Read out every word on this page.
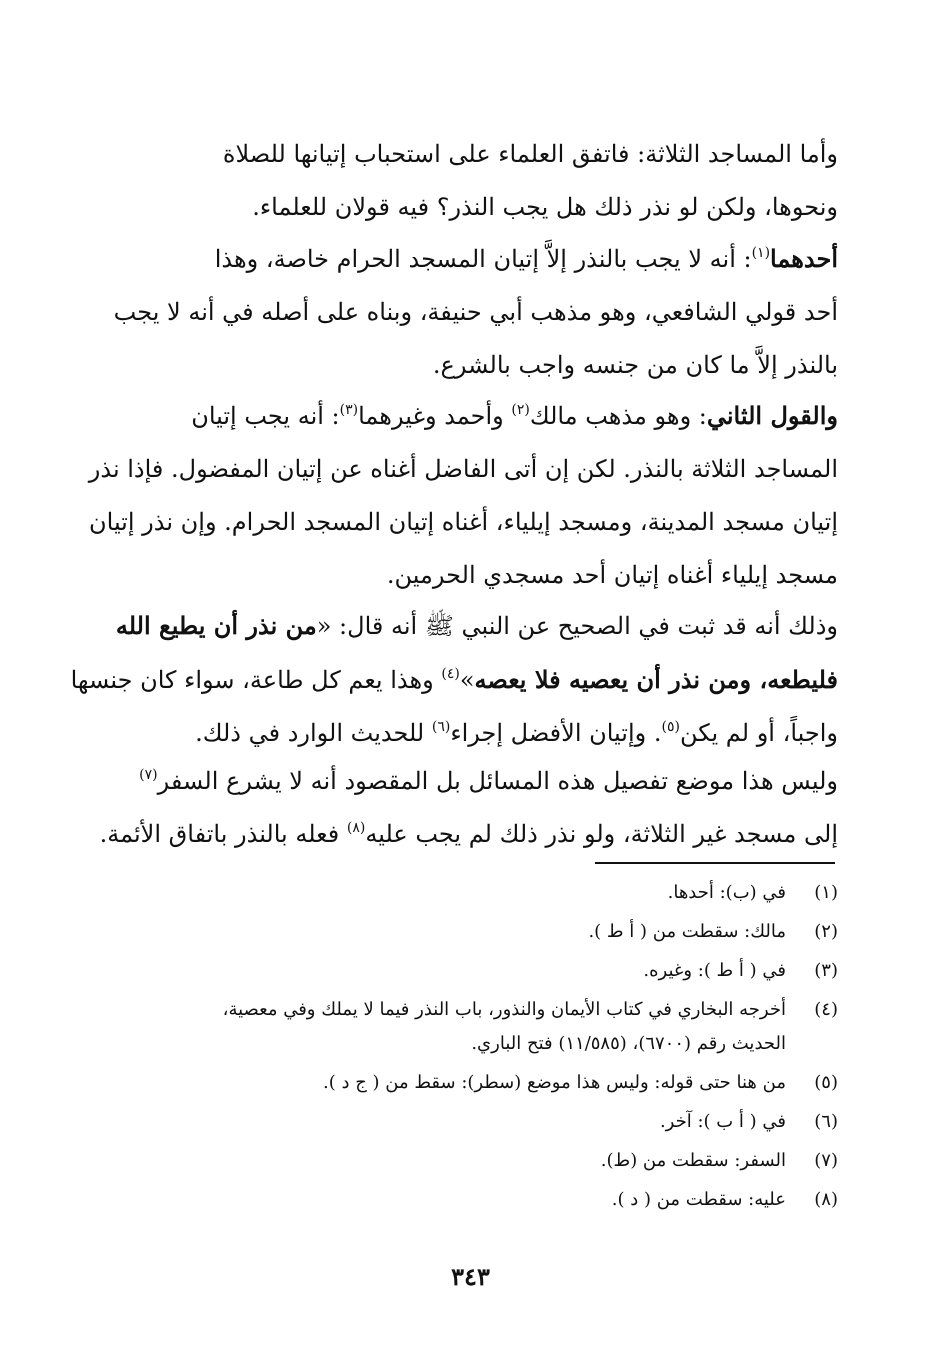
وأما المساجد الثلاثة: فاتفق العلماء على استحباب إتيانها للصلاة
ونحوها، ولكن لو نذر ذلك هل يجب النذر؟ فيه قولان للعلماء.
أحدهما$^{(١)}$: أنه لا يجب بالنذر إلاَّ إتيان المسجد الحرام خاصة، وهذا
أحد قولي الشافعي، وهو مذهب أبي حنيفة، وبناه على أصله في أنه لا يجب
بالنذر إلاَّ ما كان من جنسه واجب بالشرع.
والقول الثاني: وهو مذهب مالك$^{(٢)}$ وأحمد وغيرهما$^{(٣)}$: أنه يجب إتيان
المساجد الثلاثة بالنذر. لكن إن أتى الفاضل أغناه عن إتيان المفضول. فإذا نذر
إتيان مسجد المدينة، ومسجد إيلياء، أغناه إتيان المسجد الحرام. وإن نذر إتيان
مسجد إيلياء أغناه إتيان أحد مسجدي الحرمين.
وذلك أنه قد ثبت في الصحيح عن النبي ﷺ أنه قال: «من نذر أن يطيع الله
فليطعه، ومن نذر أن يعصيه فلا يعصه»$^{(٤)}$ وهذا يعم كل طاعة، سواء كان جنسها
واجباً، أو لم يكن$^{(٥)}$. وإتيان الأفضل إجراء$^{(٦)}$ للحديث الوارد في ذلك.
وليس هذا موضع تفصيل هذه المسائل بل المقصود أنه لا يشرع السفر$^{(٧)}$
إلى مسجد غير الثلاثة، ولو نذر ذلك لم يجب عليه$^{(٨)}$ فعله بالنذر باتفاق الأئمة.
(١)
في (ب): أحدها.
(٢)
مالك: سقطت من ( أ ط ).
(٣)
في ( أ ط ): وغيره.
(٤)
أخرجه البخاري في كتاب الأيمان والنذور، باب النذر فيما لا يملك وفي معصية،
الحديث رقم (٦٧٠٠)، (١١/٥٨٥) فتح الباري.
(٥)
من هنا حتى قوله: وليس هذا موضع (سطر): سقط من ( ج د ).
(٦)
في ( أ ب ): آخر.
(٧)
السفر: سقطت من (ط).
(٨)
عليه: سقطت من ( د ).
٣٤٣
